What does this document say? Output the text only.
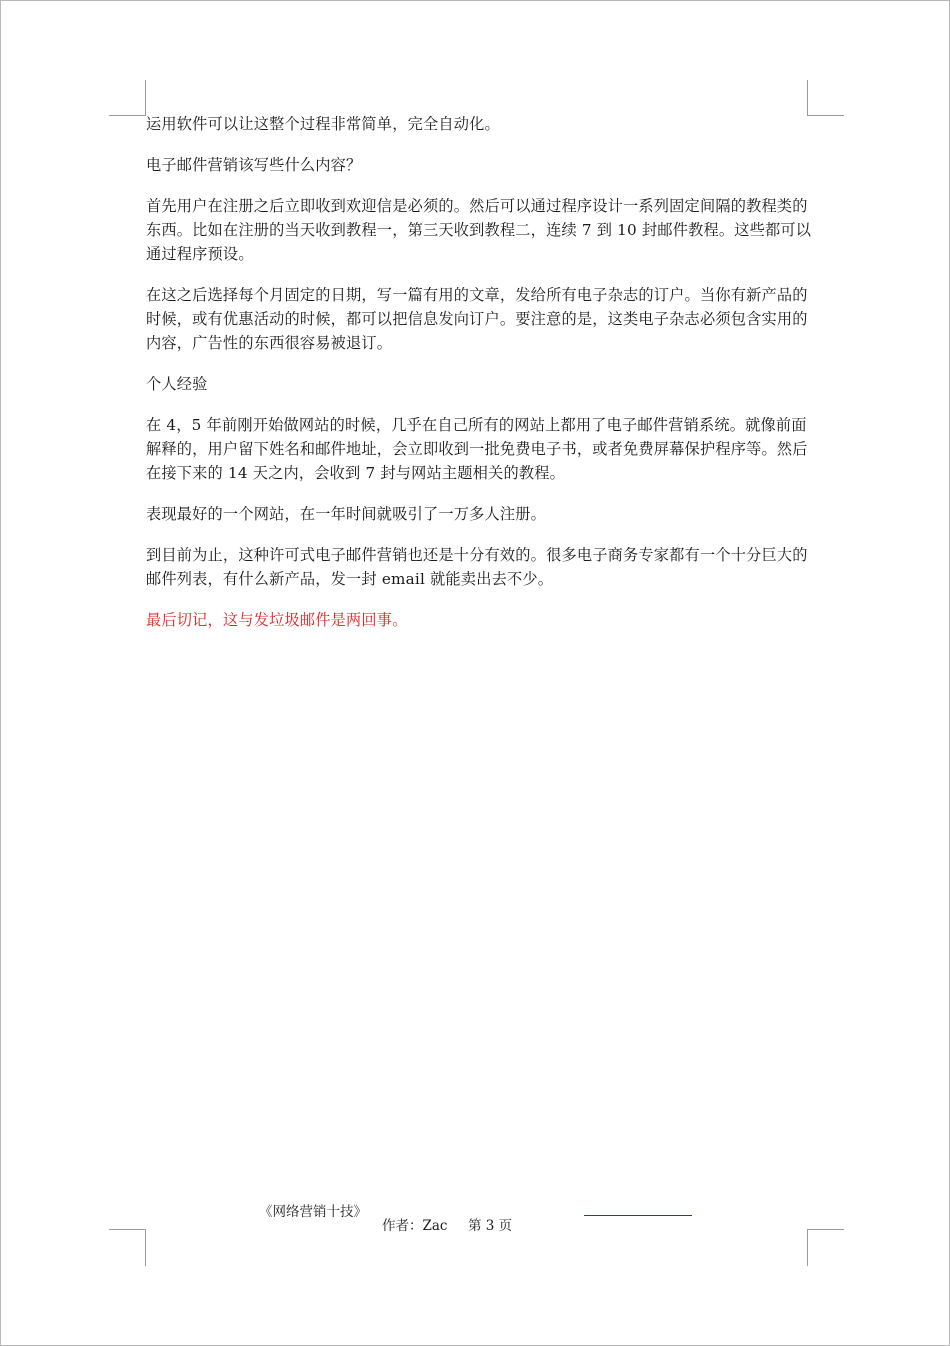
运用软件可以让这整个过程非常简单，完全自动化。

电子邮件营销该写些什么内容？

首先用户在注册之后立即收到欢迎信是必须的。然后可以通过程序设计一系列固定间隔的教程类的东西。比如在注册的当天收到教程一，第三天收到教程二，连续 7 到 10 封邮件教程。这些都可以通过程序预设。

在这之后选择每个月固定的日期，写一篇有用的文章，发给所有电子杂志的订户。当你有新产品的时候，或有优惠活动的时候，都可以把信息发向订户。要注意的是，这类电子杂志必须包含实用的内容，广告性的东西很容易被退订。

个人经验

在 4，5 年前刚开始做网站的时候，几乎在自己所有的网站上都用了电子邮件营销系统。就像前面解释的，用户留下姓名和邮件地址，会立即收到一批免费电子书，或者免费屏幕保护程序等。然后在接下来的 14 天之内，会收到 7 封与网站主题相关的教程。

表现最好的一个网站，在一年时间就吸引了一万多人注册。

到目前为止，这种许可式电子邮件营销也还是十分有效的。很多电子商务专家都有一个十分巨大的邮件列表，有什么新产品，发一封 email 就能卖出去不少。

最后切记，这与发垃圾邮件是两回事。

《网络营销十技》
作者：Zac 第 3 页
